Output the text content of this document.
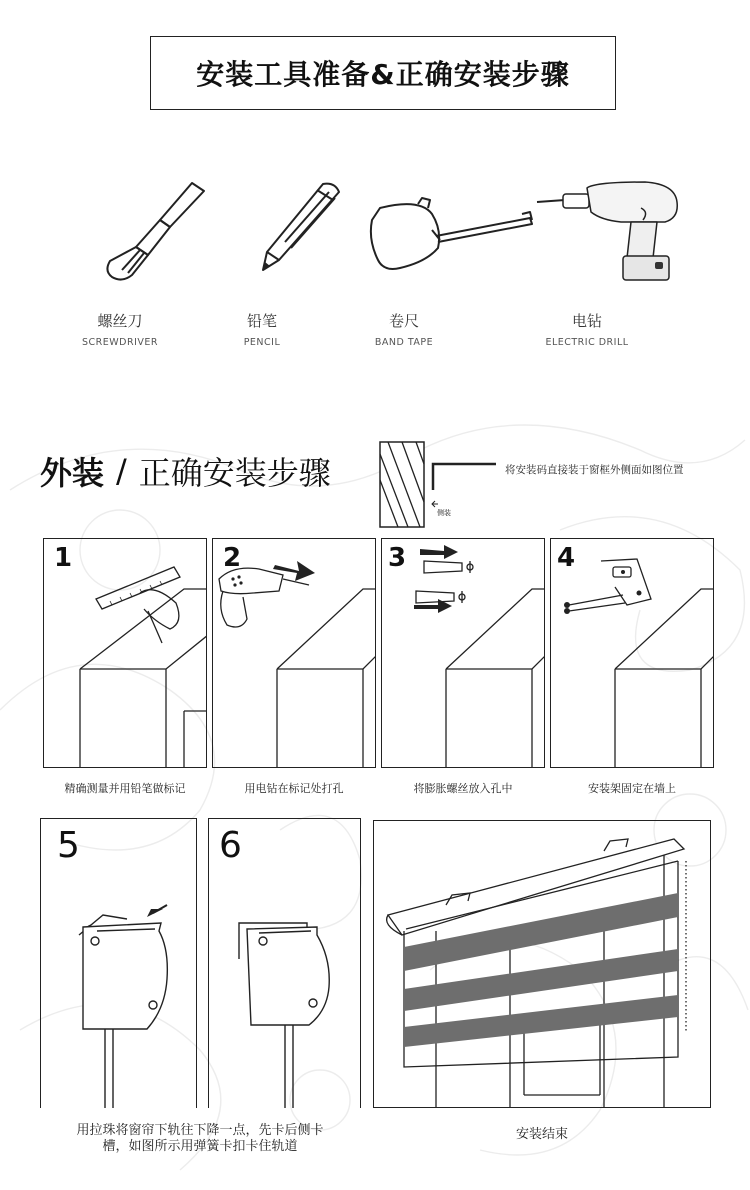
安装工具准备&正确安装步骤
螺丝刀
SCREWDRIVER
铅笔
PENCIL
卷尺
BAND TAPE
电钻
ELECTRIC DRILL
外装 / 正确安装步骤
侧装
将安装码直接装于窗框外侧面如图位置
1	2	3	4
精确测量并用铅笔做标记	用电钻在标记处打孔	将膨胀螺丝放入孔中	安装架固定在墙上
5	6
用拉珠将窗帘下轨往下降一点，先卡后侧卡
槽，如图所示用弹簧卡扣卡住轨道
安装结束
